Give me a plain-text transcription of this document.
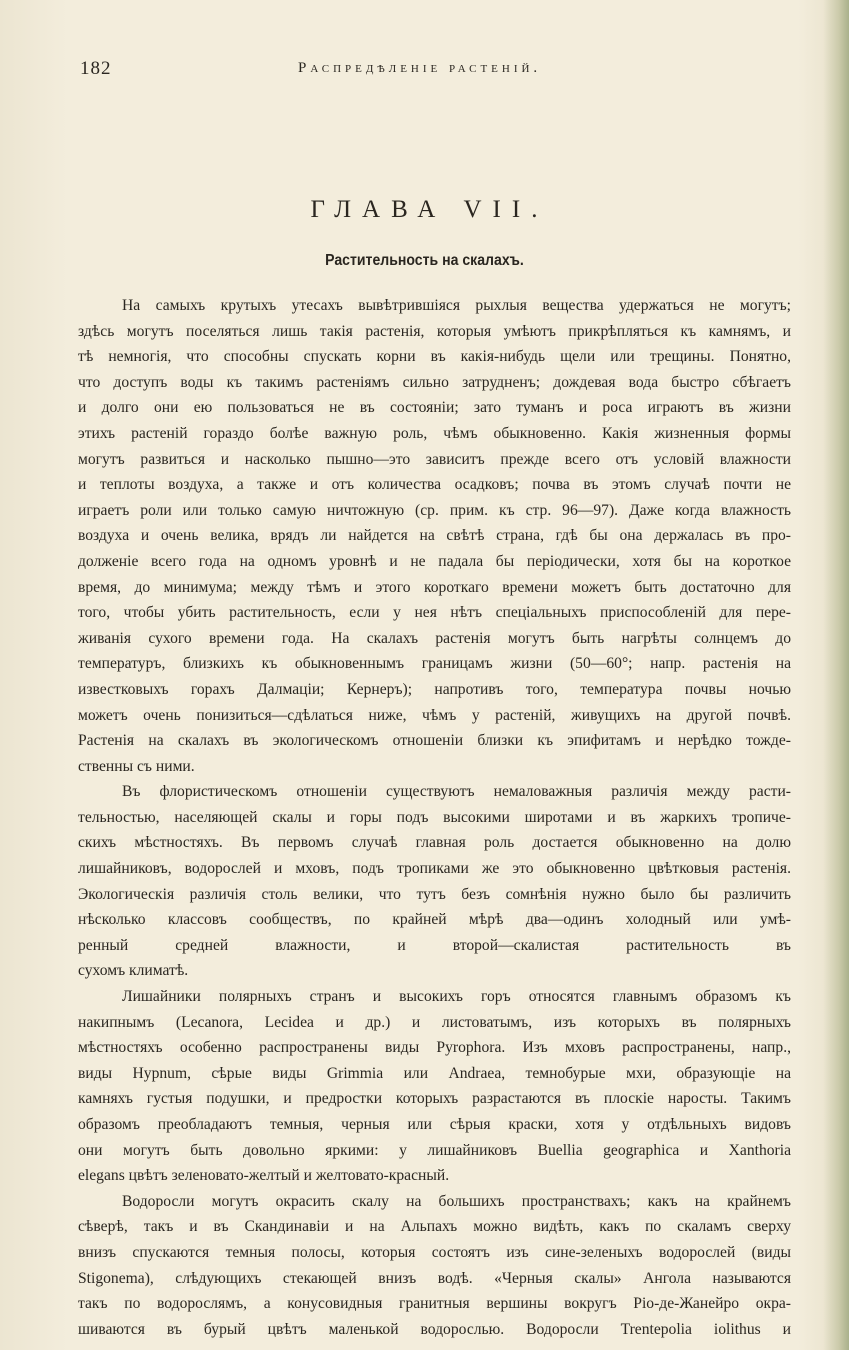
182	Распредѣленіе растеній.
ГЛАВА VII.
Растительность на скалахъ.
На самыхъ крутыхъ утесахъ вывѣтрившіяся рыхлыя вещества удержаться не могутъ;
здѣсь могутъ поселяться лишь такія растенія, которыя умѣютъ прикрѣпляться къ камнямъ, и
тѣ немногія, что способны спускать корни въ какія-нибудь щели или трещины. Понятно,
что доступъ воды къ такимъ растеніямъ сильно затрудненъ; дождевая вода быстро сбѣгаетъ
и долго они ею пользоваться не въ состояніи; зато туманъ и роса играютъ въ жизни
этихъ растеній гораздо болѣе важную роль, чѣмъ обыкновенно. Какія жизненныя формы
могутъ развиться и насколько пышно—это зависитъ прежде всего отъ условій влажности
и теплоты воздуха, а также и отъ количества осадковъ; почва въ этомъ случаѣ почти не
играетъ роли или только самую ничтожную (ср. прим. къ стр. 96—97). Даже когда влажность
воздуха и очень велика, врядъ ли найдется на свѣтѣ страна, гдѣ бы она держалась въ про-
долженіе всего года на одномъ уровнѣ и не падала бы періодически, хотя бы на короткое
время, до минимума; между тѣмъ и этого короткаго времени можетъ быть достаточно для
того, чтобы убить растительность, если у нея нѣтъ спеціальныхъ приспособленій для пере-
живанія сухого времени года. На скалахъ растенія могутъ быть нагрѣты солнцемъ до
температуръ, близкихъ къ обыкновеннымъ границамъ жизни (50—60°; напр. растенія на
известковыхъ горахъ Далмаціи; Кернеръ); напротивъ того, температура почвы ночью
можетъ очень понизиться—сдѣлаться ниже, чѣмъ у растеній, живущихъ на другой почвѣ.
Растенія на скалахъ въ экологическомъ отношеніи близки къ эпифитамъ и нерѣдко тожде-
ственны съ ними.
Въ флористическомъ отношеніи существуютъ немаловажныя различія между расти-
тельностью, населяющей скалы и горы подъ высокими широтами и въ жаркихъ тропиче-
скихъ мѣстностяхъ. Въ первомъ случаѣ главная роль достается обыкновенно на долю
лишайниковъ, водорослей и мховъ, подъ тропиками же это обыкновенно цвѣтковыя растенія.
Экологическія различія столь велики, что тутъ безъ сомнѣнія нужно было бы различить
нѣсколько классовъ сообществъ, по крайней мѣрѣ два—одинъ холодный или умѣ-
ренный средней влажности, и второй—скалистая растительность въ
сухомъ климатѣ.
Лишайники полярныхъ странъ и высокихъ горъ относятся главнымъ образомъ къ
накипнымъ (Lecanora, Lecidea и др.) и листоватымъ, изъ которыхъ въ полярныхъ
мѣстностяхъ особенно распространены виды Pyrophora. Изъ мховъ распространены, напр.,
виды Hypnum, сѣрые виды Grimmia или Andraea, темнобурые мхи, образующіе на
камняхъ густыя подушки, и предростки которыхъ разрастаются въ плоскіе наросты. Такимъ
образомъ преобладаютъ темныя, черныя или сѣрыя краски, хотя у отдѣльныхъ видовъ
они могутъ быть довольно яркими: у лишайниковъ Buellia geographica и Xanthoria
elegans цвѣтъ зеленовато-желтый и желтовато-красный.
Водоросли могутъ окрасить скалу на большихъ пространствахъ; какъ на крайнемъ
сѣверѣ, такъ и въ Скандинавіи и на Альпахъ можно видѣть, какъ по скаламъ сверху
внизъ спускаются темныя полосы, которыя состоятъ изъ сине-зеленыхъ водорослей (виды
Stigonema), слѣдующихъ стекающей внизъ водѣ. «Черныя скалы» Ангола называются
такъ по водорослямъ, а конусовидныя гранитныя вершины вокругъ Ріо-де-Жанейро окра-
шиваются въ бурый цвѣтъ маленькой водорослью. Водоросли Trentepolia iolithus и
